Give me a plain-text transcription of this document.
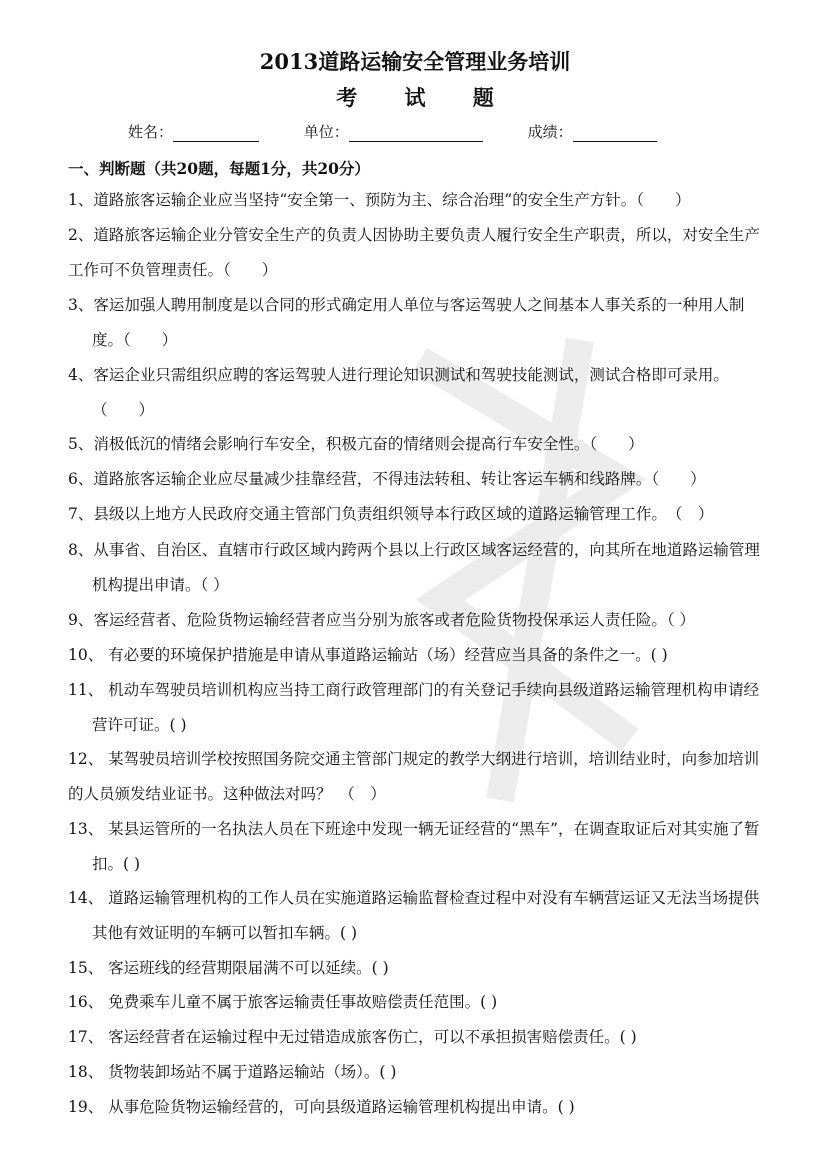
2013道路运输安全管理业务培训
考 试 题
姓名：	单位：	成绩：
一、判断题（共20题，每题1分，共20分）

1、道路旅客运输企业应当坚持“安全第一、预防为主、综合治理”的安全生产方针。（　　）

2、道路旅客运输企业分管安全生产的负责人因协助主要负责人履行安全生产职责，所以，对安全生产工作可不负管理责任。（　　）

3、客运加强人聘用制度是以合同的形式确定用人单位与客运驾驶人之间基本人事关系的一种用人制度。（　　）

4、客运企业只需组织应聘的客运驾驶人进行理论知识测试和驾驶技能测试，测试合格即可录用。（　　）

5、消极低沉的情绪会影响行车安全，积极亢奋的情绪则会提高行车安全性。（　　）

6、道路旅客运输企业应尽量减少挂靠经营，不得违法转租、转让客运车辆和线路牌。（　　）

7、县级以上地方人民政府交通主管部门负责组织领导本行政区域的道路运输管理工作。　（　）

8、从事省、自治区、直辖市行政区域内跨两个县以上行政区域客运经营的，向其所在地道路运输管理机构提出申请。（ ）

9、客运经营者、危险货物运输经营者应当分别为旅客或者危险货物投保承运人责任险。（ ）

10、 有必要的环境保护措施是申请从事道路运输站（场）经营应当具备的条件之一。( )

11、 机动车驾驶员培训机构应当持工商行政管理部门的有关登记手续向县级道路运输管理机构申请经营许可证。( )

12、 某驾驶员培训学校按照国务院交通主管部门规定的教学大纲进行培训，培训结业时，向参加培训的人员颁发结业证书。这种做法对吗？　（　）

13、 某县运管所的一名执法人员在下班途中发现一辆无证经营的“黑车”，在调查取证后对其实施了暂扣。( )

14、 道路运输管理机构的工作人员在实施道路运输监督检查过程中对没有车辆营运证又无法当场提供其他有效证明的车辆可以暂扣车辆。( )

15、 客运班线的经营期限届满不可以延续。( )

16、 免费乘车儿童不属于旅客运输责任事故赔偿责任范围。( )

17、 客运经营者在运输过程中无过错造成旅客伤亡，可以不承担损害赔偿责任。( )

18、 货物装卸场站不属于道路运输站（场）。( )

19、 从事危险货物运输经营的，可向县级道路运输管理机构提出申请。( )
